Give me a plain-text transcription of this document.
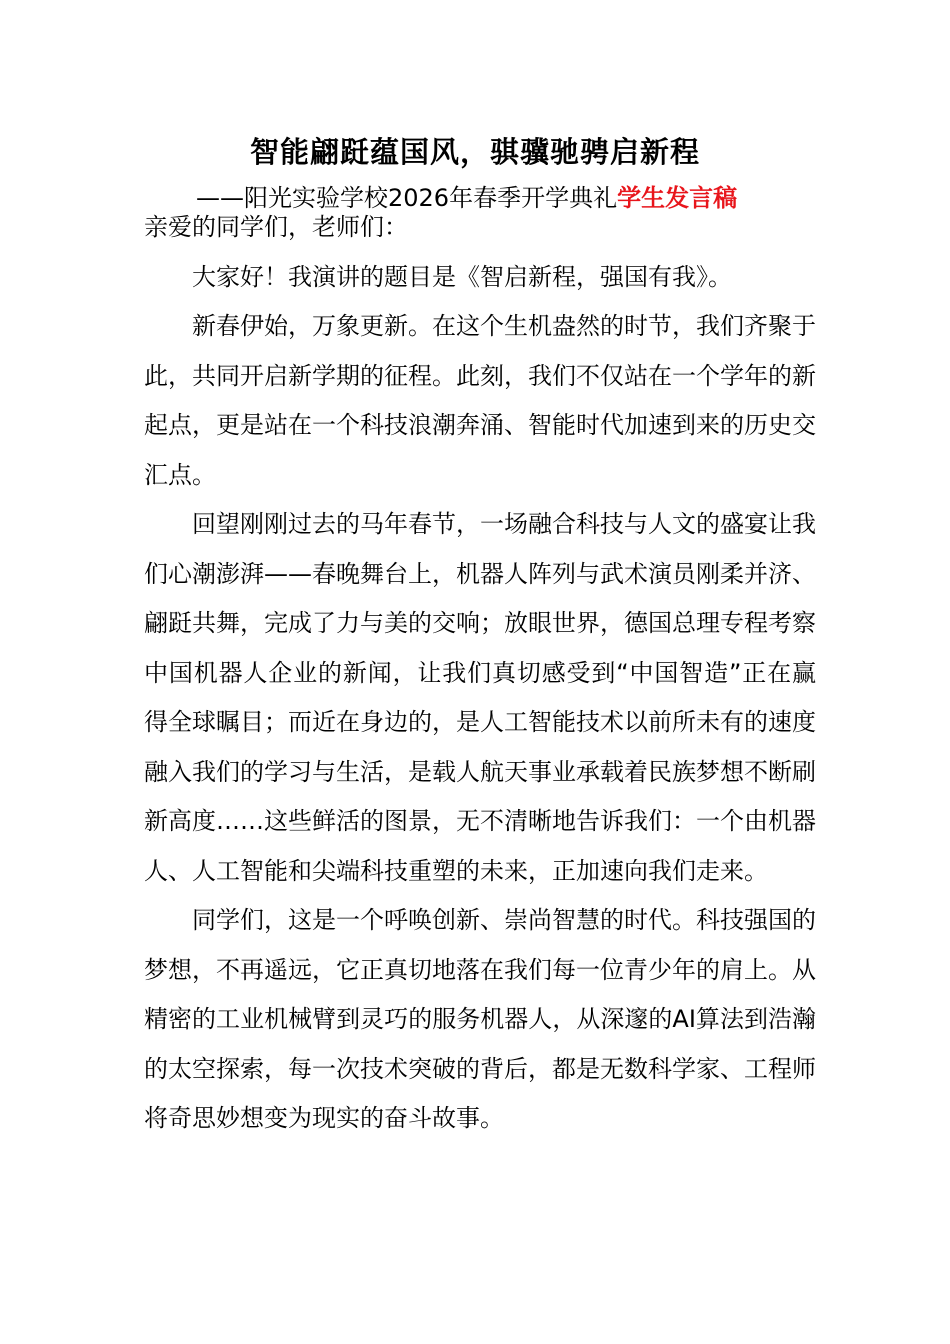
智能翩跹蕴国风，骐骥驰骋启新程
——阳光实验学校2026年春季开学典礼学生发言稿

亲爱的同学们，老师们：

大家好！我演讲的题目是《智启新程，强国有我》。

新春伊始，万象更新。在这个生机盎然的时节，我们齐聚于此，共同开启新学期的征程。此刻，我们不仅站在一个学年的新起点，更是站在一个科技浪潮奔涌、智能时代加速到来的历史交汇点。

回望刚刚过去的马年春节，一场融合科技与人文的盛宴让我们心潮澎湃——春晚舞台上，机器人阵列与武术演员刚柔并济、翩跹共舞，完成了力与美的交响；放眼世界，德国总理专程考察中国机器人企业的新闻，让我们真切感受到“中国智造”正在赢得全球瞩目；而近在身边的，是人工智能技术以前所未有的速度融入我们的学习与生活，是载人航天事业承载着民族梦想不断刷新高度……这些鲜活的图景，无不清晰地告诉我们：一个由机器人、人工智能和尖端科技重塑的未来，正加速向我们走来。

同学们，这是一个呼唤创新、崇尚智慧的时代。科技强国的梦想，不再遥远，它正真切地落在我们每一位青少年的肩上。从精密的工业机械臂到灵巧的服务机器人，从深邃的AI算法到浩瀚的太空探索，每一次技术突破的背后，都是无数科学家、工程师将奇思妙想变为现实的奋斗故事。
